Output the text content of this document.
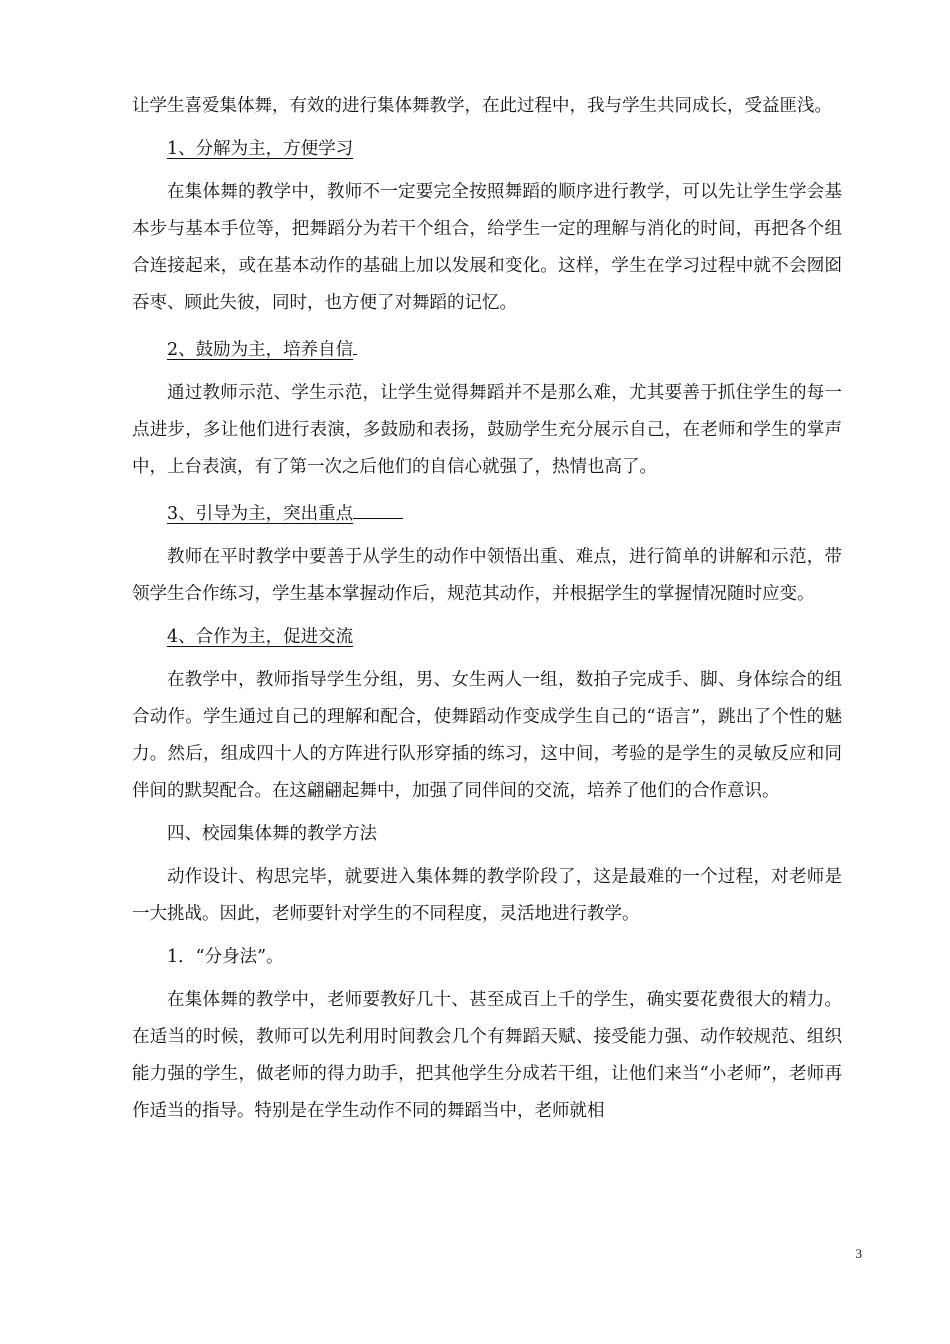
让学生喜爱集体舞，有效的进行集体舞教学，在此过程中，我与学生共同成长，受益匪浅。

1、分解为主，方便学习

在集体舞的教学中，教师不一定要完全按照舞蹈的顺序进行教学，可以先让学生学会基本步与基本手位等，把舞蹈分为若干个组合，给学生一定的理解与消化的时间，再把各个组合连接起来，或在基本动作的基础上加以发展和变化。这样，学生在学习过程中就不会囫囵吞枣、顾此失彼，同时，也方便了对舞蹈的记忆。

2、鼓励为主，培养自信

通过教师示范、学生示范，让学生觉得舞蹈并不是那么难，尤其要善于抓住学生的每一点进步，多让他们进行表演，多鼓励和表扬，鼓励学生充分展示自己，在老师和学生的掌声中，上台表演，有了第一次之后他们的自信心就强了，热情也高了。

3、引导为主，突出重点

教师在平时教学中要善于从学生的动作中领悟出重、难点，进行简单的讲解和示范，带领学生合作练习，学生基本掌握动作后，规范其动作，并根据学生的掌握情况随时应变。

4、合作为主，促进交流

在教学中，教师指导学生分组，男、女生两人一组，数拍子完成手、脚、身体综合的组合动作。学生通过自己的理解和配合，使舞蹈动作变成学生自己的“语言”，跳出了个性的魅力。然后，组成四十人的方阵进行队形穿插的练习，这中间，考验的是学生的灵敏反应和同伴间的默契配合。在这翩翩起舞中，加强了同伴间的交流，培养了他们的合作意识。

四、校园集体舞的教学方法

动作设计、构思完毕，就要进入集体舞的教学阶段了，这是最难的一个过程，对老师是一大挑战。因此，老师要针对学生的不同程度，灵活地进行教学。

1．“分身法”。

在集体舞的教学中，老师要教好几十、甚至成百上千的学生，确实要花费很大的精力。在适当的时候，教师可以先利用时间教会几个有舞蹈天赋、接受能力强、动作较规范、组织能力强的学生，做老师的得力助手，把其他学生分成若干组，让他们来当“小老师”，老师再作适当的指导。特别是在学生动作不同的舞蹈当中，老师就相

3
